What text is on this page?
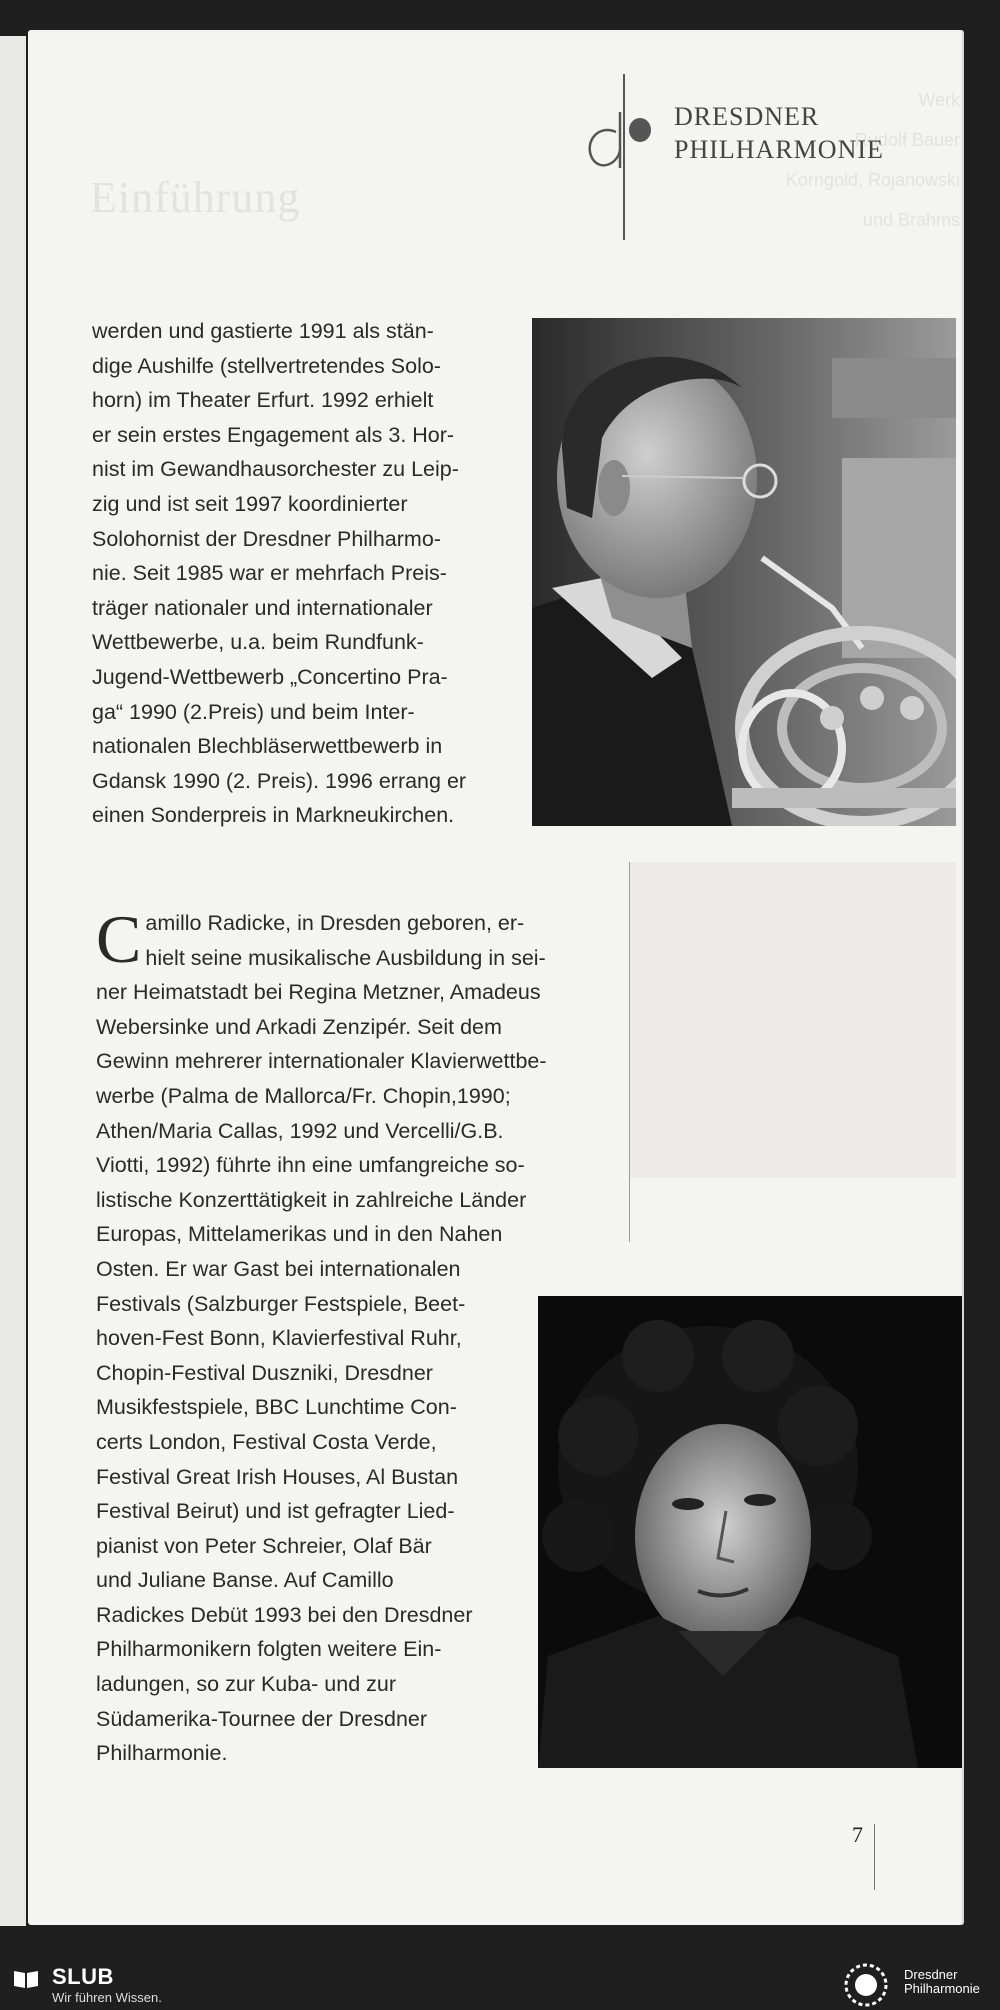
Einführung
Werk
Rudolf Bauer
Korngold, Rojanowski
und Brahms
DRESDNER
PHILHARMONIE
werden und gastierte 1991 als stän-
dige Aushilfe (stellvertretendes Solo-
horn) im Theater Erfurt. 1992 erhielt
er sein erstes Engagement als 3. Hor-
nist im Gewandhausorchester zu Leip-
zig und ist seit 1997 koordinierter
Solohornist der Dresdner Philharmo-
nie. Seit 1985 war er mehrfach Preis-
träger nationaler und internationaler
Wettbewerbe, u.a. beim Rundfunk-
Jugend-Wettbewerb „Concertino Pra-
ga“ 1990 (2.Preis) und beim Inter-
nationalen Blechbläserwettbewerb in
Gdansk 1990 (2. Preis). 1996 errang er
einen Sonderpreis in Markneukirchen.
C amillo Radicke, in Dresden geboren, er-
hielt seine musikalische Ausbildung in sei-
ner Heimatstadt bei Regina Metzner, Amadeus
Webersinke und Arkadi Zenzipér. Seit dem
Gewinn mehrerer internationaler Klavierwettbe-
werbe (Palma de Mallorca/Fr. Chopin,1990;
Athen/Maria Callas, 1992 und Vercelli/G.B.
Viotti, 1992) führte ihn eine umfangreiche so-
listische Konzerttätigkeit in zahlreiche Länder
Europas, Mittelamerikas und in den Nahen
Osten. Er war Gast bei internationalen
Festivals (Salzburger Festspiele, Beet-
hoven-Fest Bonn, Klavierfestival Ruhr,
Chopin-Festival Duszniki, Dresdner
Musikfestspiele, BBC Lunchtime Con-
certs London, Festival Costa Verde,
Festival Great Irish Houses, Al Bustan
Festival Beirut) und ist gefragter Lied-
pianist von Peter Schreier, Olaf Bär
und Juliane Banse. Auf Camillo
Radickes Debüt 1993 bei den Dresdner
Philharmonikern folgten weitere Ein-
ladungen, so zur Kuba- und zur
Südamerika-Tournee der Dresdner
Philharmonie.
7
SLUB
Wir führen Wissen.
Dresdner
Philharmonie
